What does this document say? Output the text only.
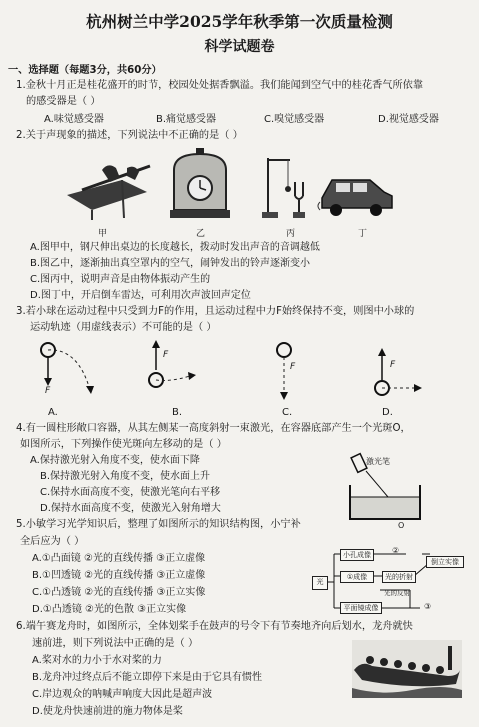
杭州树兰中学2025学年秋季第一次质量检测
科学试题卷
一、选择题（每题3分，共60分）
1.金秋十月正是桂花盛开的时节，校园处处据香飘溢。我们能闻到空气中的桂花香气所依靠
的感受器是（ ）
A.味觉感受器	B.痛觉感受器	C.嗅觉感受器	D.视觉感受器
2.关于声现象的描述，下列说法中不正确的是（ ）
甲	乙	丙	丁
A.图甲中，钢尺伸出桌边的长度越长，拨动时发出声音的音调越低
B.图乙中，逐渐抽出真空罩内的空气，闹钟发出的铃声逐渐变小
C.图丙中，说明声音是由物体振动产生的
D.图丁中，开启倒车雷达，可利用次声波回声定位
3.若小球在运动过程中只受到力F的作用，且运动过程中力F始终保持不变，则图中小球的
运动轨迹（用虚线表示）不可能的是（ ）
F
F
F	F
A.	B.	C.	D.
4.有一圆柱形敞口容器，从其左侧某一高度斜射一束激光，在容器底部产生一个光斑O，
如图所示，下列操作使光斑向左移动的是（ ）
A.保持激光射入角度不变，使水面下降
B.保持激光射入角度不变，使水面上升
C.保持水面高度不变，使激光笔向右平移
D.保持水面高度不变，使激光入射角增大
激光笔
O
5.小敏学习光学知识后，整理了如图所示的知识结构图，小宁补
全后应为（ ）
A.①凸面镜 ②光的直线传播 ③正立虚像
B.①凹透镜 ②光的直线传播 ③正立虚像
C.①凸透镜 ②光的直线传播 ③正立实像
D.①凸透镜 ②光的色散 ③正立实像
光
小孔成像
①成像	光的折射
平面镜成像
倒立实像
②
③
光的反射
6.端午赛龙舟时，如图所示，全体划桨手在鼓声的号令下有节奏地齐向后划水，龙舟就快
速前进，则下列说法中正确的是（ ）
A.桨对水的力小于水对桨的力
B.龙舟冲过终点后不能立即停下来是由于它具有惯性
C.岸边观众的呐喊声响度大因此是超声波
D.使龙舟快速前进的施力物体是桨
